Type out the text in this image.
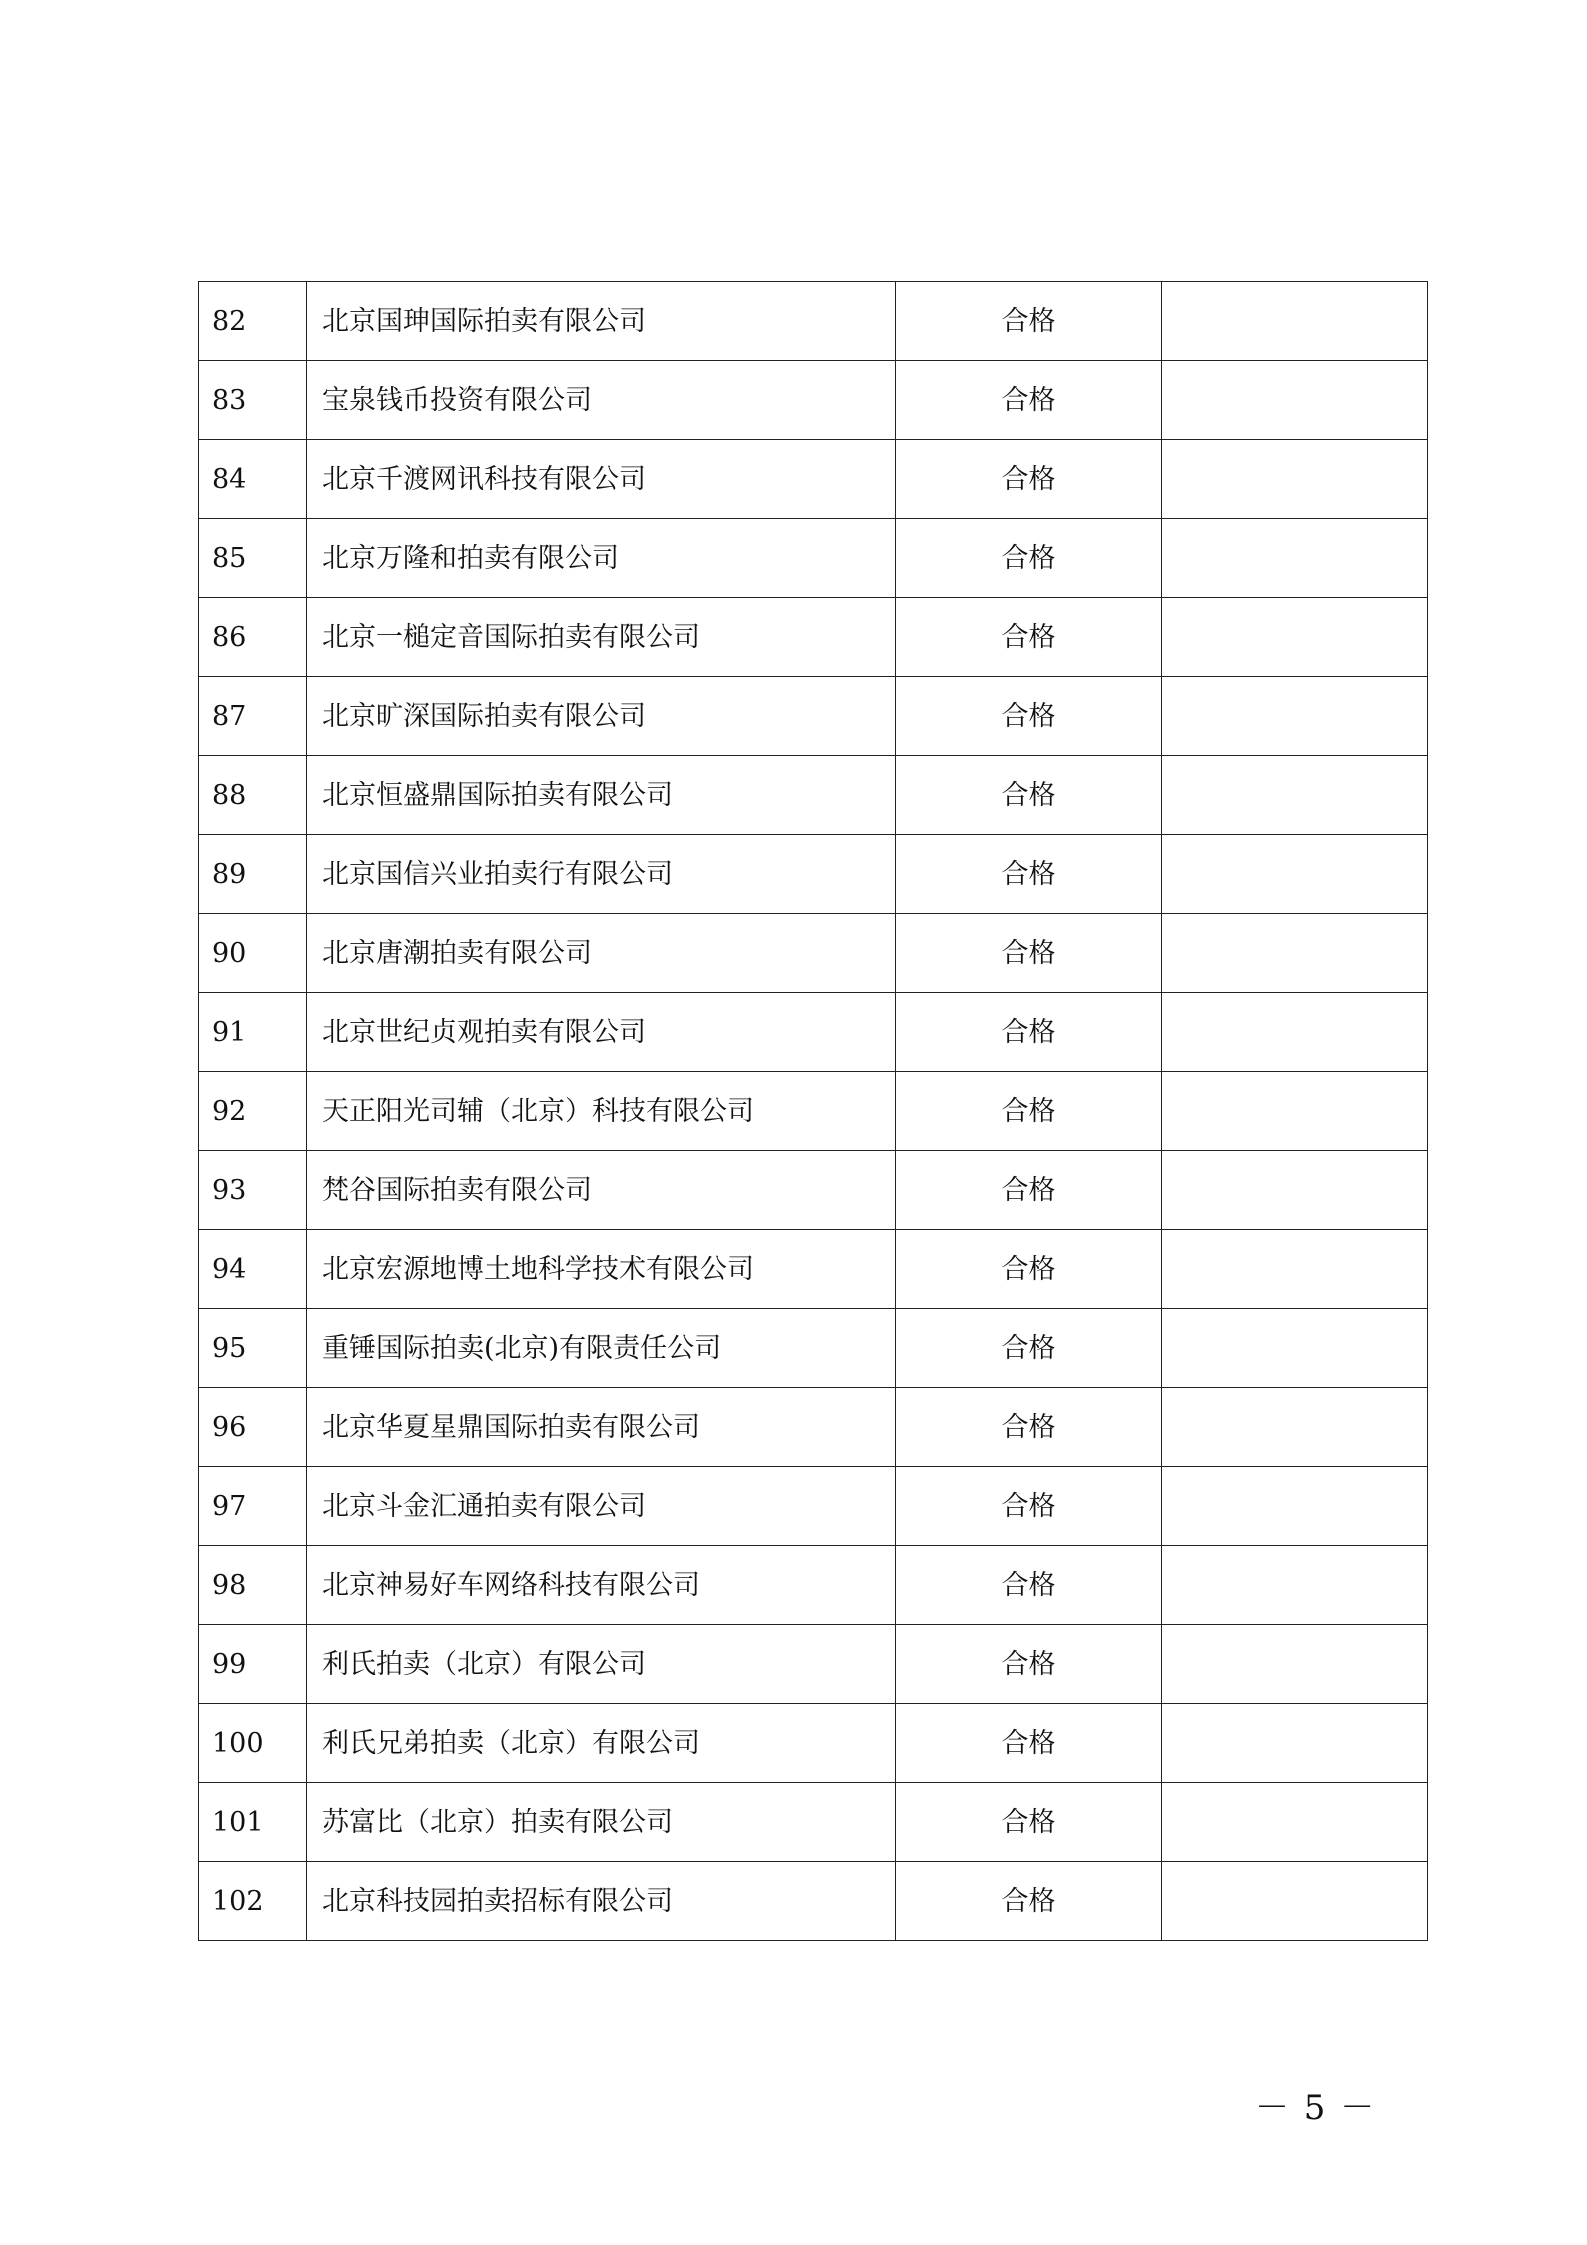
82	北京国珅国际拍卖有限公司	合格	
83	宝泉钱币投资有限公司	合格	
84	北京千渡网讯科技有限公司	合格	
85	北京万隆和拍卖有限公司	合格	
86	北京一槌定音国际拍卖有限公司	合格	
87	北京旷深国际拍卖有限公司	合格	
88	北京恒盛鼎国际拍卖有限公司	合格	
89	北京国信兴业拍卖行有限公司	合格	
90	北京唐潮拍卖有限公司	合格	
91	北京世纪贞观拍卖有限公司	合格	
92	天正阳光司辅（北京）科技有限公司	合格	
93	梵谷国际拍卖有限公司	合格	
94	北京宏源地博土地科学技术有限公司	合格	
95	重锤国际拍卖(北京)有限责任公司	合格	
96	北京华夏星鼎国际拍卖有限公司	合格	
97	北京斗金汇通拍卖有限公司	合格	
98	北京神易好车网络科技有限公司	合格	
99	利氏拍卖（北京）有限公司	合格	
100	利氏兄弟拍卖（北京）有限公司	合格	
101	苏富比（北京）拍卖有限公司	合格	
102	北京科技园拍卖招标有限公司	合格	
－ 5 －
